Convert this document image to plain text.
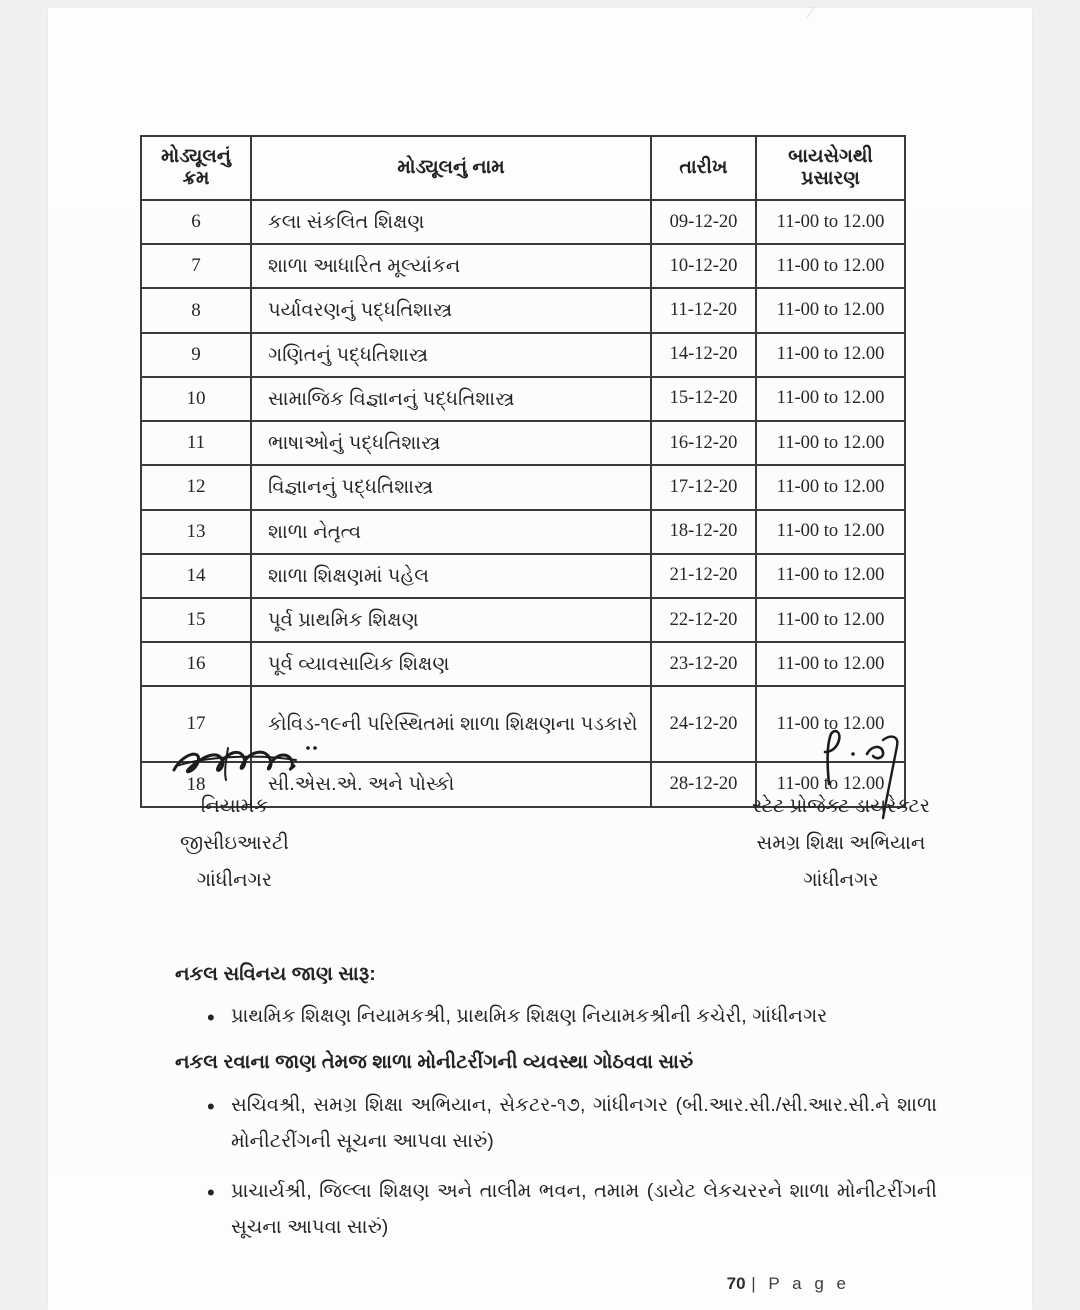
મોડ્યૂલનું ક્રમ	મોડ્યૂલનું નામ	તારીખ	બાયસેગથી પ્રસારણ
6	કલા સંકલિત શિક્ષણ	09-12-20	11-00 to 12.00
7	શાળા આધારિત મૂલ્યાંકન	10-12-20	11-00 to 12.00
8	પર્યાવરણનું પદ્ધતિશાસ્ત્ર	11-12-20	11-00 to 12.00
9	ગણિતનું પદ્ધતિશાસ્ત્ર	14-12-20	11-00 to 12.00
10	સામાજિક વિજ્ઞાનનું પદ્ધતિશાસ્ત્ર	15-12-20	11-00 to 12.00
11	ભાષાઓનું પદ્ધતિશાસ્ત્ર	16-12-20	11-00 to 12.00
12	વિજ્ઞાનનું પદ્ધતિશાસ્ત્ર	17-12-20	11-00 to 12.00
13	શાળા નેતૃત્વ	18-12-20	11-00 to 12.00
14	શાળા શિક્ષણમાં પહેલ	21-12-20	11-00 to 12.00
15	પૂર્વ પ્રાથમિક શિક્ષણ	22-12-20	11-00 to 12.00
16	પૂર્વ વ્યાવસાયિક શિક્ષણ	23-12-20	11-00 to 12.00
17	કોવિડ-૧૯ની પરિસ્થિતમાં શાળા શિક્ષણના પડકારો	24-12-20	11-00 to 12.00
18	સી.એસ.એ. અને પોસ્કો	28-12-20	11-00 to 12.00
નિયામક
જીસીઇઆરટી
ગાંધીનગર
સ્ટેટ પ્રોજેક્ટ ડાયરેક્ટર
સમગ્ર શિક્ષા અભિયાન
ગાંધીનગર
નકલ સવિનય જાણ સારૂ:
• પ્રાથમિક શિક્ષણ નિયામકશ્રી, પ્રાથમિક શિક્ષણ નિયામકશ્રીની કચેરી, ગાંધીનગર
નકલ રવાના જાણ તેમજ શાળા મોનીટરીંગની વ્યવસ્થા ગોઠવવા સારું
• સચિવશ્રી, સમગ્ર શિક્ષા અભિયાન, સેકટર-૧૭, ગાંધીનગર (બી.આર.સી./સી.આર.સી.ને શાળા મોનીટરીંગની સૂચના આપવા સારું)
• પ્રાચાર્યશ્રી, જિલ્લા શિક્ષણ અને તાલીમ ભવન, તમામ (ડાયેટ લેકચરરને શાળા મોનીટરીંગની સૂચના આપવા સારું)
70 | P a g e
